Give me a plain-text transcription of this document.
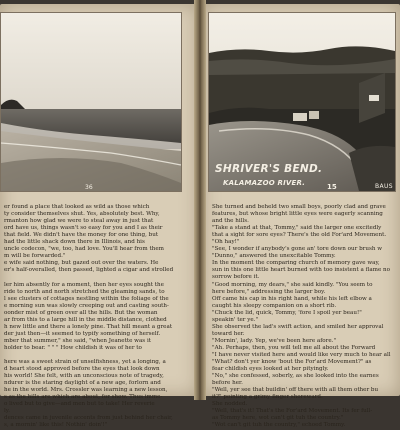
36

er found a place that looked as wild as those which

ty consider themselves shut. Yes, absolutely best. Why,

rmanton how glad we were to steal away in just that

ord have us, things wasn't so easy for you and I as their

that field. We didn't have the money for one thing, but

had the little shack down there in Illinois, and his

uncle codecon, "we, too, had love. You'll hear from them

m will be forwarded."

e wife said nothing, but gazed out over the waters. He

er's half-overalled, then passed, lighted a cigar and strolled

ler him absently for a moment, then her eyes sought the

ride to north and north stretched the gleaming sands, to

l see clusters of cottages nestling within the foliage of the

e morning sun was slowly creeping out and casting south-

oonder mist of green over all the hills. But the woman

ar from this to a large hill in the middle distance, clothed

h new little and there a lonely pine. That hill meant a great

der just then—it seemed to typify something of herself.

mber that summer," she said, "when Jeanette was it

holder to bear. " " " How childish it was of her to

here was a sweet strain of unselfishness, yet a longing, a

d heart stood approved before the eyes that look down

his world! She felt, with an unconscious note of tragedy,

ndurer is the staring daylight of a new age, forlorn and

he in the world. Mrs. Crossler was learning a new lesson,

s as the hills are which are about, for show. Thus imme-

o lived but to give—and men but to take! Her reverie

ly.

dences came in juvenile accents from just behind her chair,

s, a mornin' like this! Nothin' doin'!"

SHRIVER'S BEND.
KALAMAZOO RIVER.	15	BAUS

She turned and beheld two small boys, poorly clad and grave

features, but whose bright little eyes were eagerly scanning

and the hills.

"Take a stand at that, Tommy," said the larger one excitedly

that a sight for sore eyes? There's the old For'ard Movement.

"Oh hay!"

"See, I wonder if anybody's gone an' tore down our brush w

"Dunno," answered the unexcitable Tommy.

In the moment the comparing church of memory gave way,

sun in this one little heart burned with too insistent a flame no

sorrow before it.

"Good morning, my dears," she said kindly. "You seem to

here before," addressing the larger boy.

Off came his cap in his right hand, while his left elbow a

caught his sleepy companion on a short rib.

"Chuck the lid, quick, Tommy, 'fore I spoil yer beau!"

speakin' ter ye."

She observed the lad's swift action, and smiled her approval

toward her.

"Mornin', lady. Yep, we've been here afore."

"Ah. Perhaps, then, you will tell me all about the Forward

"I have never visited here and would like very much to hear all

"What? don't yer know 'bout the For'ard Movement?" as

fear childish eyes looked at her pityingly.

"No," she confessed, soberly, as she looked into the earnes

before her.

"Well, yer see that buildin' off there with all them other bu

it?" pointing a grimy finger shoreward.

She nodded.

"Well, that's it! That's the For'ard Movement. Its fer full-

as Tommy here, wot can't git tuh the country."

"Wot can't git tuh the country," echoed Tommy.
